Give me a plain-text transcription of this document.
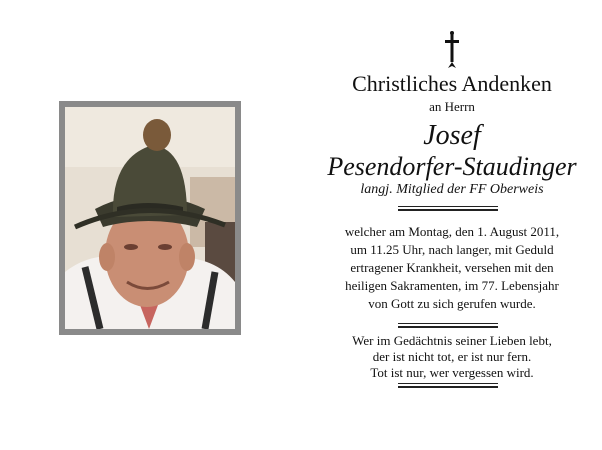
Christliches Andenken
an Herrn
Josef
Pesendorfer-Staudinger
langj. Mitglied der FF Oberweis
welcher am Montag, den 1. August 2011,
um 11.25 Uhr, nach langer, mit Geduld
ertragener Krankheit, versehen mit den
heiligen Sakramenten, im 77. Lebensjahr
von Gott zu sich gerufen wurde.
Wer im Gedächtnis seiner Lieben lebt,
der ist nicht tot, er ist nur fern.
Tot ist nur, wer vergessen wird.
